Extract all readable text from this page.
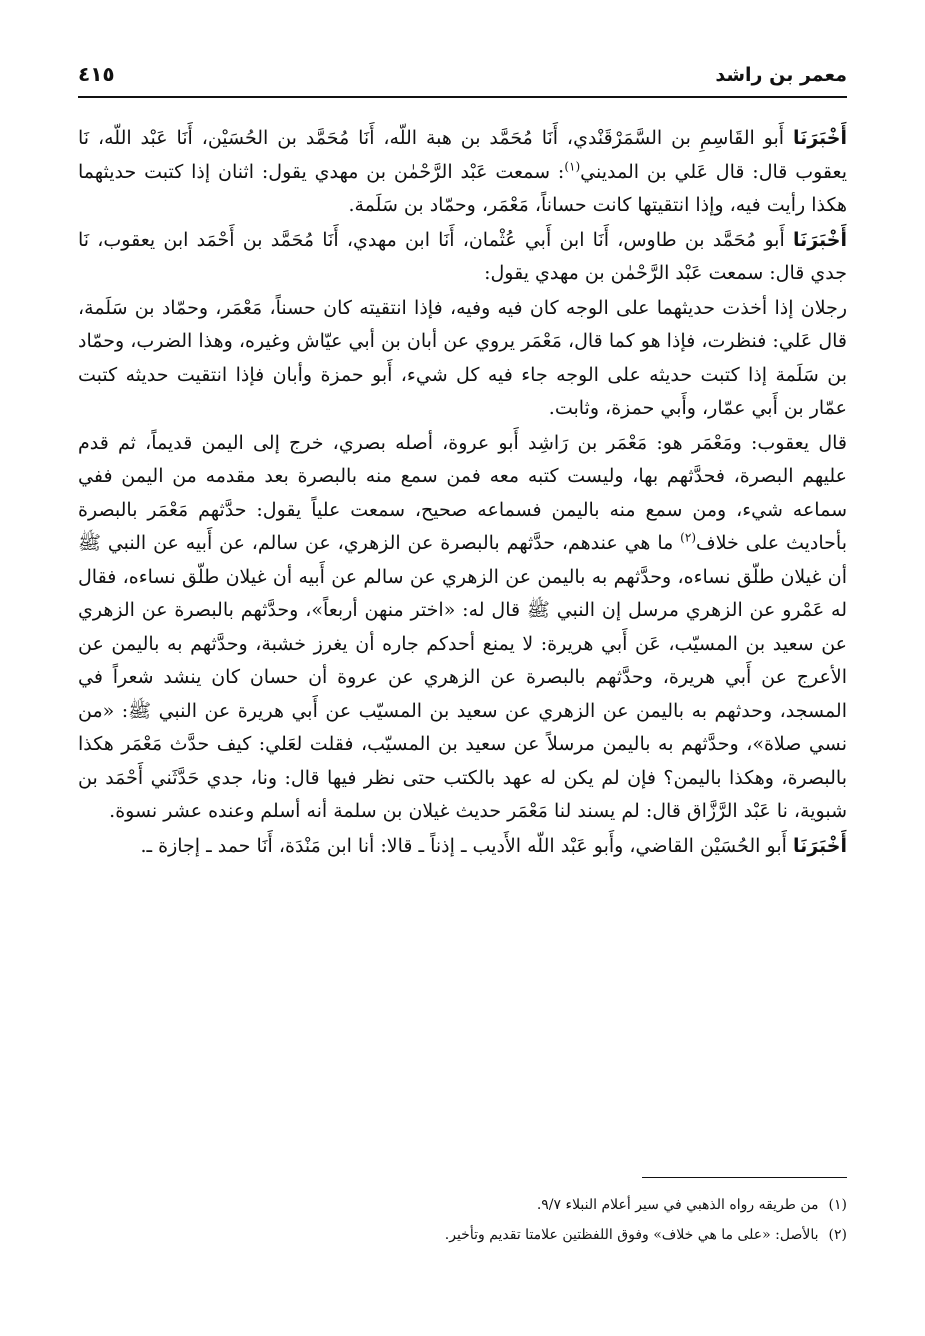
معمر بن راشد
٤١٥

أَخْبَرَنَا أَبو القَاسِمِ بن السَّمَرْقَنْدي، أَنَا مُحَمَّد بن هبة اللّه، أَنَا مُحَمَّد بن الحُسَيْن، أَنَا عَبْد اللّه، نَا يعقوب قال: قال عَلي بن المديني$^{(١)}$: سمعت عَبْد الرَّحْمٰن بن مهدي يقول: اثنان إذا كتبت حديثهما هكذا رأيت فيه، وإذا انتقيتها كانت حساناً، مَعْمَر، وحمّاد بن سَلَمة.

أَخْبَرَنَا أَبو مُحَمَّد بن طاوس، أَنَا ابن أَبي عُثْمان، أَنَا ابن مهدي، أَنَا مُحَمَّد بن أَحْمَد ابن يعقوب، نَا جدي قال: سمعت عَبْد الرَّحْمٰن بن مهدي يقول:

رجلان إذا أخذت حديثهما على الوجه كان فيه وفيه، فإذا انتقيته كان حسناً، مَعْمَر، وحمّاد بن سَلَمة، قال عَلي: فنظرت، فإذا هو كما قال، مَعْمَر يروي عن أبان بن أبي عيّاش وغيره، وهذا الضرب، وحمّاد بن سَلَمة إذا كتبت حديثه على الوجه جاء فيه كل شيء، أَبو حمزة وأبان فإذا انتقيت حديثه كتبت عمّار بن أَبي عمّار، وأَبي حمزة، وثابت.

قال يعقوب: ومَعْمَر هو: مَعْمَر بن رَاشِد أَبو عروة، أصله بصري، خرج إلى اليمن قديماً، ثم قدم عليهم البصرة، فحدَّثهم بها، وليست كتبه معه فمن سمع منه بالبصرة بعد مقدمه من اليمن ففي سماعه شيء، ومن سمع منه باليمن فسماعه صحيح، سمعت علياً يقول: حدَّثهم مَعْمَر بالبصرة بأحاديث على خلاف$^{(٢)}$ ما هي عندهم، حدَّثهم بالبصرة عن الزهري، عن سالم، عن أَبيه عن النبي ﷺ أن غيلان طلّق نساءه، وحدَّثهم به باليمن عن الزهري عن سالم عن أَبيه أن غيلان طلّق نساءه، فقال له عَمْرو عن الزهري مرسل إن النبي ﷺ قال له: «اختر منهن أربعاً»، وحدَّثهم بالبصرة عن الزهري عن سعيد بن المسيّب، عَن أَبي هريرة: لا يمنع أحدكم جاره أن يغرز خشبة، وحدَّثهم به باليمن عن الأعرج عن أَبي هريرة، وحدَّثهم بالبصرة عن الزهري عن عروة أن حسان كان ينشد شعراً في المسجد، وحدثهم به باليمن عن الزهري عن سعيد بن المسيّب عن أَبي هريرة عن النبي ﷺ: «من نسي صلاة»، وحدَّثهم به باليمن مرسلاً عن سعيد بن المسيّب، فقلت لعَلي: كيف حدَّث مَعْمَر هكذا بالبصرة، وهكذا باليمن؟ فإن لم يكن له عهد بالكتب حتى نظر فيها قال: ونا، جدي حَدَّثَني أَحْمَد بن شبوية، نا عَبْد الرَّزَّاق قال: لم يسند لنا مَعْمَر حديث غيلان بن سلمة أنه أسلم وعنده عشر نسوة.

أَخْبَرَنَا أَبو الحُسَيْن القاضي، وأَبو عَبْد اللّه الأَديب ـ إذناً ـ قالا: أنا ابن مَنْدَة، أَنَا حمد ـ إجازة ـ.

(١)من طريقه رواه الذهبي في سير أعلام النبلاء ٩/٧.

(٢)بالأصل: «على ما هي خلاف» وفوق اللفظتين علامتا تقديم وتأخير.
